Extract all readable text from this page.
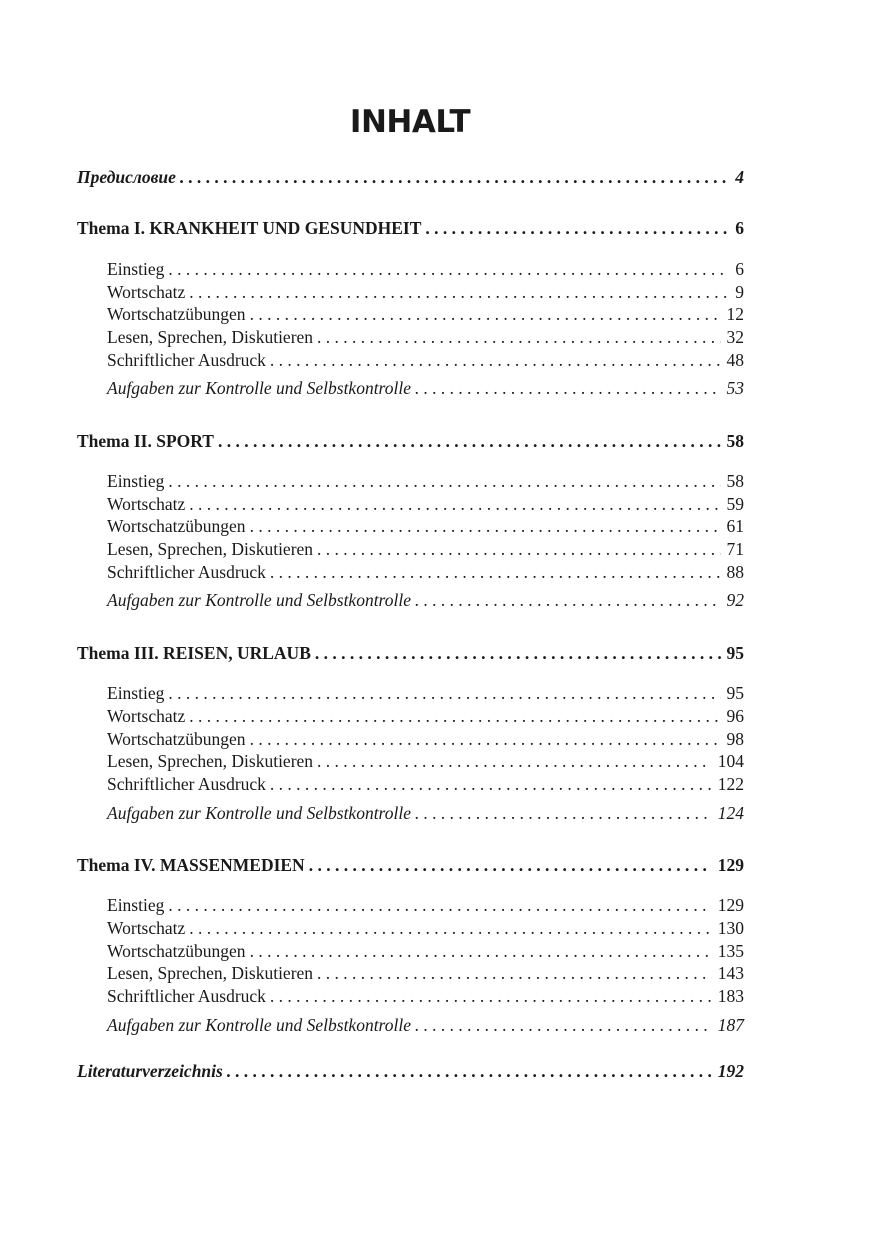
INHALT
Предисловие . . .	4
Thema I. KRANKHEIT UND GESUNDHEIT . . .	6
Einstieg . . .	6
Wortschatz . . .	9
Wortschatzübungen . . .	12
Lesen, Sprechen, Diskutieren . . .	32
Schriftlicher Ausdruck . . .	48
Aufgaben zur Kontrolle und Selbstkontrolle . . .	53
Thema II. SPORT . . .	58
Einstieg . . .	58
Wortschatz . . .	59
Wortschatzübungen . . .	61
Lesen, Sprechen, Diskutieren . . .	71
Schriftlicher Ausdruck . . .	88
Aufgaben zur Kontrolle und Selbstkontrolle . . .	92
Thema III. REISEN, URLAUB . . .	95
Einstieg . . .	95
Wortschatz . . .	96
Wortschatzübungen . . .	98
Lesen, Sprechen, Diskutieren . . .	104
Schriftlicher Ausdruck . . .	122
Aufgaben zur Kontrolle und Selbstkontrolle . . .	124
Thema IV. MASSENMEDIEN . . .	129
Einstieg . . .	129
Wortschatz . . .	130
Wortschatzübungen . . .	135
Lesen, Sprechen, Diskutieren . . .	143
Schriftlicher Ausdruck . . .	183
Aufgaben zur Kontrolle und Selbstkontrolle . . .	187
Literaturverzeichnis . . .	192
